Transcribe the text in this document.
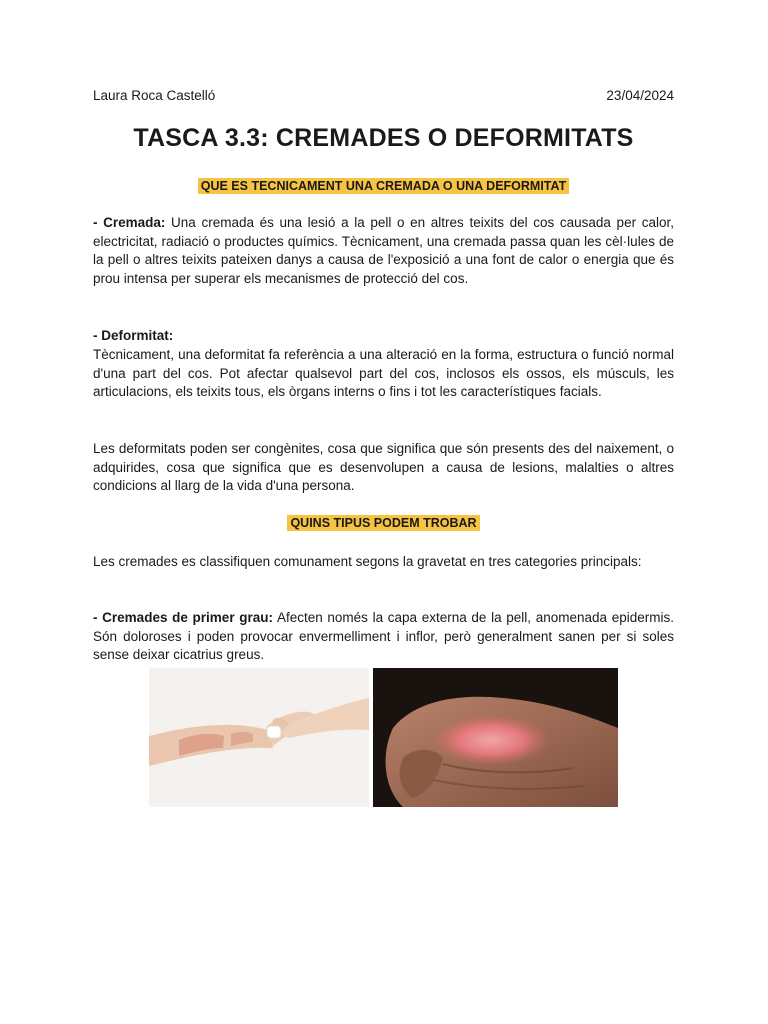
Laura Roca Castelló	23/04/2024
TASCA 3.3: CREMADES O DEFORMITATS
QUE ES TECNICAMENT UNA CREMADA O UNA DEFORMITAT

- Cremada: Una cremada és una lesió a la pell o en altres teixits del cos causada per calor, electricitat, radiació o productes químics. Tècnicament, una cremada passa quan les cèl·lules de la pell o altres teixits pateixen danys a causa de l'exposició a una font de calor o energia que és prou intensa per superar els mecanismes de protecció del cos.

- Deformitat:

Tècnicament, una deformitat fa referència a una alteració en la forma, estructura o funció normal d'una part del cos. Pot afectar qualsevol part del cos, inclosos els ossos, els músculs, les articulacions, els teixits tous, els òrgans interns o fins i tot les característiques facials.

Les deformitats poden ser congènites, cosa que significa que són presents des del naixement, o adquirides, cosa que significa que es desenvolupen a causa de lesions, malalties o altres condicions al llarg de la vida d'una persona.

QUINS TIPUS PODEM TROBAR

Les cremades es classifiquen comunament segons la gravetat en tres categories principals:

- Cremades de primer grau: Afecten només la capa externa de la pell, anomenada epidermis. Són doloroses i poden provocar envermelliment i inflor, però generalment sanen per si soles sense deixar cicatrius greus.
